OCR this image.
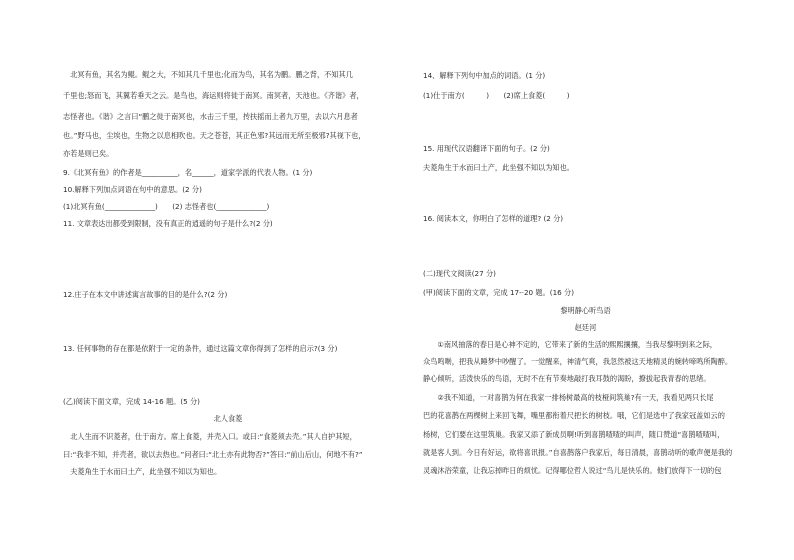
　北冥有鱼，其名为鲲。鲲之大，不知其几千里也;化而为鸟，其名为鹏。鹏之背，不知其几

千里也;怒而飞，其翼若垂天之云。是鸟也，海运则将徙于南冥。南冥者，天池也。《齐谐》者，

志怪者也。《谐》之言曰“鹏之徙于南冥也，水击三千里，抟扶摇而上者九万里，去以六月息者

也。”野马也，尘埃也，生物之以息相吹也。天之苍苍，其正色邪?其远而无所至极邪?其视下也，

亦若是则已矣。

9.《北冥有鱼》的作者是__________，名______，道家学派的代表人物。(1 分)

10.解释下列加点词语在句中的意思。(2 分)

(1)北冥有鱼(______________)　　(2) 志怪者也(______________)

11. 文章表达出都受到限制，没有真正的逍遥的句子是什么?(2 分)

12.庄子在本文中讲述寓言故事的目的是什么?(2 分)

13. 任何事物的存在都是依附于一定的条件，通过这篇文章你得到了怎样的启示?(3 分)

(乙)阅读下面文章，完成 14-16 题。(5 分)

北人食菱

　北人生而不识菱者，仕于南方。席上食菱，并壳入口。或曰:“食菱须去壳。”其人自护其短，

曰:“我非不知，并壳者，欲以去热也。”问者曰:“北土亦有此物否?”答曰:“前山后山，何地不有?”

　夫菱角生于水而曰土产，此坐强不知以为知也。

14、解释下列句中加点的词语。(1 分)

(1)仕于南方(　　　)　　(2)席上食菱(　　　)

15. 用现代汉语翻译下面的句子。(2 分)

夫菱角生于水而曰土产，此坐强不知以为知也。

16. 阅读本文，你明白了怎样的道理? (2 分)

(二)现代文阅读(27 分)

(甲)阅读下面的文章，完成 17-·20 题。(16 分)

黎明静心听鸟语

赵廷河

　　①南风抽落的春日是心神不定的，它带来了新的生活的熙熙攘攘，当我尽黎明到来之际，

众鸟鸣啭，把我从睡梦中吵醒了。一觉醒来，神清气爽，我忽然被这天地精灵的婉转啼鸣所陶醉。

静心倾听，活泼快乐的鸟语，无时不在有节奏地敲打我耳鼓的渴盼，撩拔起我青春的思绪。

　　②我不知道，一对喜鹊为何在我家一排杨树最高的枝桠间筑巢?有一天，我看见两只长尾

巴的花喜鹊在两棵树上来回飞舞，嘴里都衔着尺把长的树枝。哦，它们是选中了我家冠盖如云的

杨树，它们要在这里筑巢。我家又添了新成员啊!听到喜鹊喳喳的叫声，随口赞道“喜鹊喳喳叫，

就是客人到。今日有好运，欲将喜讯报。”自喜鹊落户我家后，每日清晨，喜鹊动听的歌声便是我的

灵魂沐浴荣童，让我忘掉昨日的烦忧。记得哪位哲人说过“鸟儿是快乐的。他们放得下一切的包
